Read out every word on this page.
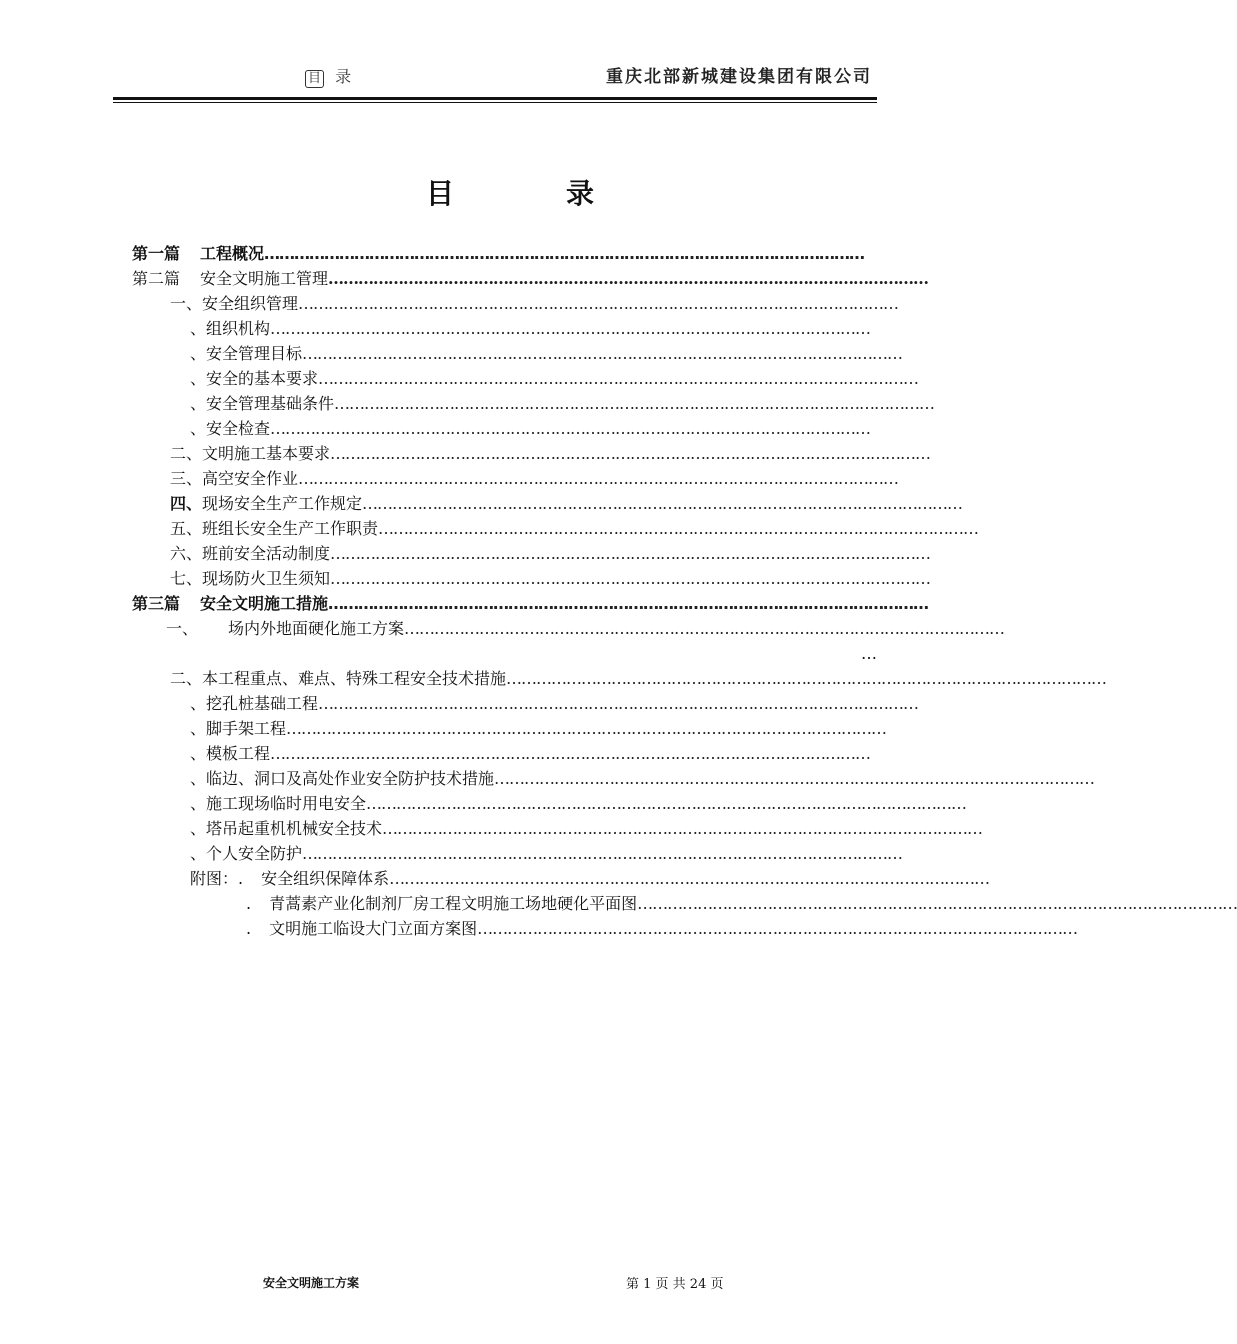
目 录	重庆北部新城建设集团有限公司
目	录
第一篇 工程概况 …………………………………………………………………………………………………………
第二篇 安全文明施工管理 …………………………………………………………………………………………………………
一、安全组织管理 …………………………………………………………………………………………………………
、组织机构 …………………………………………………………………………………………………………
、安全管理目标 …………………………………………………………………………………………………………
、安全的基本要求 …………………………………………………………………………………………………………
、安全管理基础条件 …………………………………………………………………………………………………………
、安全检查 …………………………………………………………………………………………………………
二、文明施工基本要求 …………………………………………………………………………………………………………
三、高空安全作业 …………………………………………………………………………………………………………
四、现场安全生产工作规定 …………………………………………………………………………………………………………
五、班组长安全生产工作职责 …………………………………………………………………………………………………………
六、班前安全活动制度 …………………………………………………………………………………………………………
七、现场防火卫生须知 …………………………………………………………………………………………………………
第三篇 安全文明施工措施 …………………………………………………………………………………………………………
一、 场内外地面硬化施工方案 …………………………………………………………………………………………………………
…
二、本工程重点、难点、特殊工程安全技术措施 …………………………………………………………………………………………………………
、挖孔桩基础工程 …………………………………………………………………………………………………………
、脚手架工程 …………………………………………………………………………………………………………
、模板工程 …………………………………………………………………………………………………………
、临边、洞口及高处作业安全防护技术措施 …………………………………………………………………………………………………………
、施工现场临时用电安全 …………………………………………………………………………………………………………
、塔吊起重机机械安全技术 …………………………………………………………………………………………………………
、个人安全防护 …………………………………………………………………………………………………………
附图：. 安全组织保障体系 …………………………………………………………………………………………………………
. 青蒿素产业化制剂厂房工程文明施工场地硬化平面图 …………………………………………………………………………………………………………
. 文明施工临设大门立面方案图 …………………………………………………………………………………………………………
安全文明施工方案	第 1 页 共 24 页
